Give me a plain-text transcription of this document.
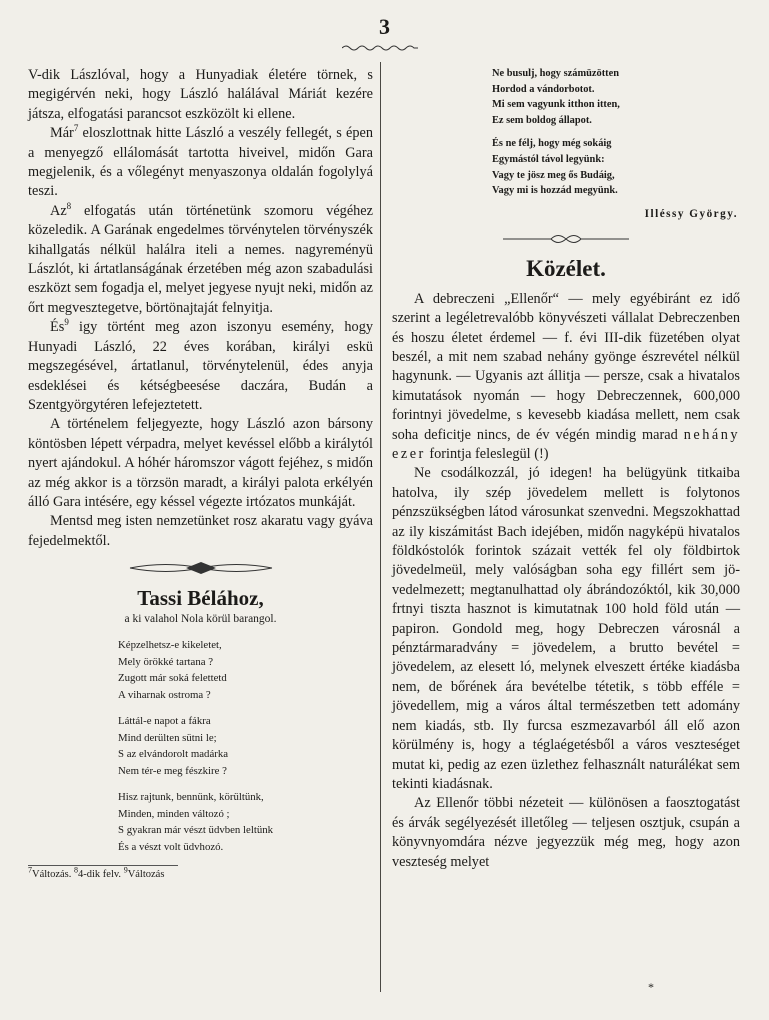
3

V-dik Lászlóval, hogy a Hunyadiak életére törnek, s megigérvén neki, hogy László halálával Máriát kezére játsza, elfogatási parancsot eszközölt ki ellene.

Már$^7$ eloszlottnak hitte László a veszély fellegét, s épen a menyegző ellálomását tartotta hiveivel, midőn Gara megjelenik, és a vőlegényt menyaszonya oldalán fogolylyá teszi.

Az$^8$ elfogatás után történetünk szomoru végéhez közeledik. A Garának engedelmes törvénytelen törvényszék kihallgatás nélkül halálra iteli a nemes. nagyreményü Lászlót, ki ártatlanságának érzetében még azon szabadulási eszközt sem fogadja el, melyet jegyese nyujt neki, midőn az őrt megvesztegetve, börtönajtaját felnyitja.

$És^9$ igy történt meg azon iszonyu esemény, hogy Hunyadi László, 22 éves korában, királyi eskü megszegésével, ártatlanul, törvénytelenül, édes anyja esdeklései és kétségbeesése daczára, Budán a Szentgyörgytéren lefejeztetett.

A történelem feljegyezte, hogy László azon bársony köntösben lépett vérpadra, melyet kevéssel előbb a királytól nyert ajándokul. A hóhér háromszor vágott fejéhez, s midőn az még akkor is a törzsön maradt, a királyi palota erkélyén álló Gara intésére, egy késsel végezte irtózatos munkáját.

Mentsd meg isten nemzetünket rosz akaratu vagy gyáva fejedelmektől.

Tassi Bélához,

a ki valahol Nola körül barangol.

Képzelhetsz-e kikeletet,
Mely örökké tartana ?
Zugott már soká felettetd
A viharnak ostroma ?
Láttál-e napot a fákra
Mind derülten sütni le;
S az elvándorolt madárka
Nem tér-e meg fészkire ?
Hisz rajtunk, bennünk, körültünk,
Minden, minden változó ;
S gyakran már vészt üdvben leltünk
És a vészt volt üdvhozó.

$^7$Változás. $^8$4-dik felv. $^9$Változás

Ne busulj, hogy számüzötten
Hordod a vándorbotot.
Mi sem vagyunk itthon itten,
Ez sem boldog állapot.
És ne félj, hogy még sokáig
Egymástól távol legyünk:
Vagy te jösz meg ős Budáig,
Vagy mi is hozzád megyünk.

Illéssy György.

Közélet.

A debreczeni „Ellenőr“ — mely egyébiránt ez idő szerint a legéletrevalóbb könyvészeti vállalat Debreczenben és hoszu életet érdemel — f. évi III-dik füzetében olyat beszél, a mit nem szabad nehány gyönge észrevétel nélkül hagynunk. — Ugyanis azt állitja — persze, csak a hivatalos kimutatások nyomán — hogy Debreczennek, 600,000 forintnyi jövedelme, s kevesebb kiadása mellett, nem csak soha deficitje nincs, de év végén mindig marad nehány ezer forintja feleslegül (!)

Ne csodálkozzál, jó idegen! ha belügyünk titkaiba hatolva, ily szép jövedelem mellett is folytonos pénzszükségben látod városunkat szenvedni. Megszokhattad az ily kiszámitást Bach idejében, midőn nagyképü hivatalos földkóstolók forintok százait vették fel oly földbirtok jövedelmeül, mely valóságban soha egy fillért sem jövedelmezett; megtanulhattad oly ábrándozóktól, kik 30,000 frtnyi tiszta hasznot is kimutatnak 100 hold föld után — papiron. Gondold meg, hogy Debreczen városnál a pénztármaradvány = jövedelem, a brutto bevétel = jövedelem, az elesett ló, melynek elveszett értéke kiadásba nem, de bőrének ára bevételbe tétetik, s több efféle = jövedellem, mig a város által természetben tett adomány nem kiadás, stb. Ily furcsa eszmezavarból áll elő azon körülmény is, hogy a téglaégetésből a város veszteséget mutat ki, pedig az ezen üzlethez felhasznált naturálékat sem tekinti kiadásnak.

Az Ellenőr többi nézeteit — különösen a faosztogatást és árvák segélyezését illetőleg — teljesen osztjuk, csupán a könyvnyomdára nézve jegyezzük még meg, hogy azon veszteség melyet

*
